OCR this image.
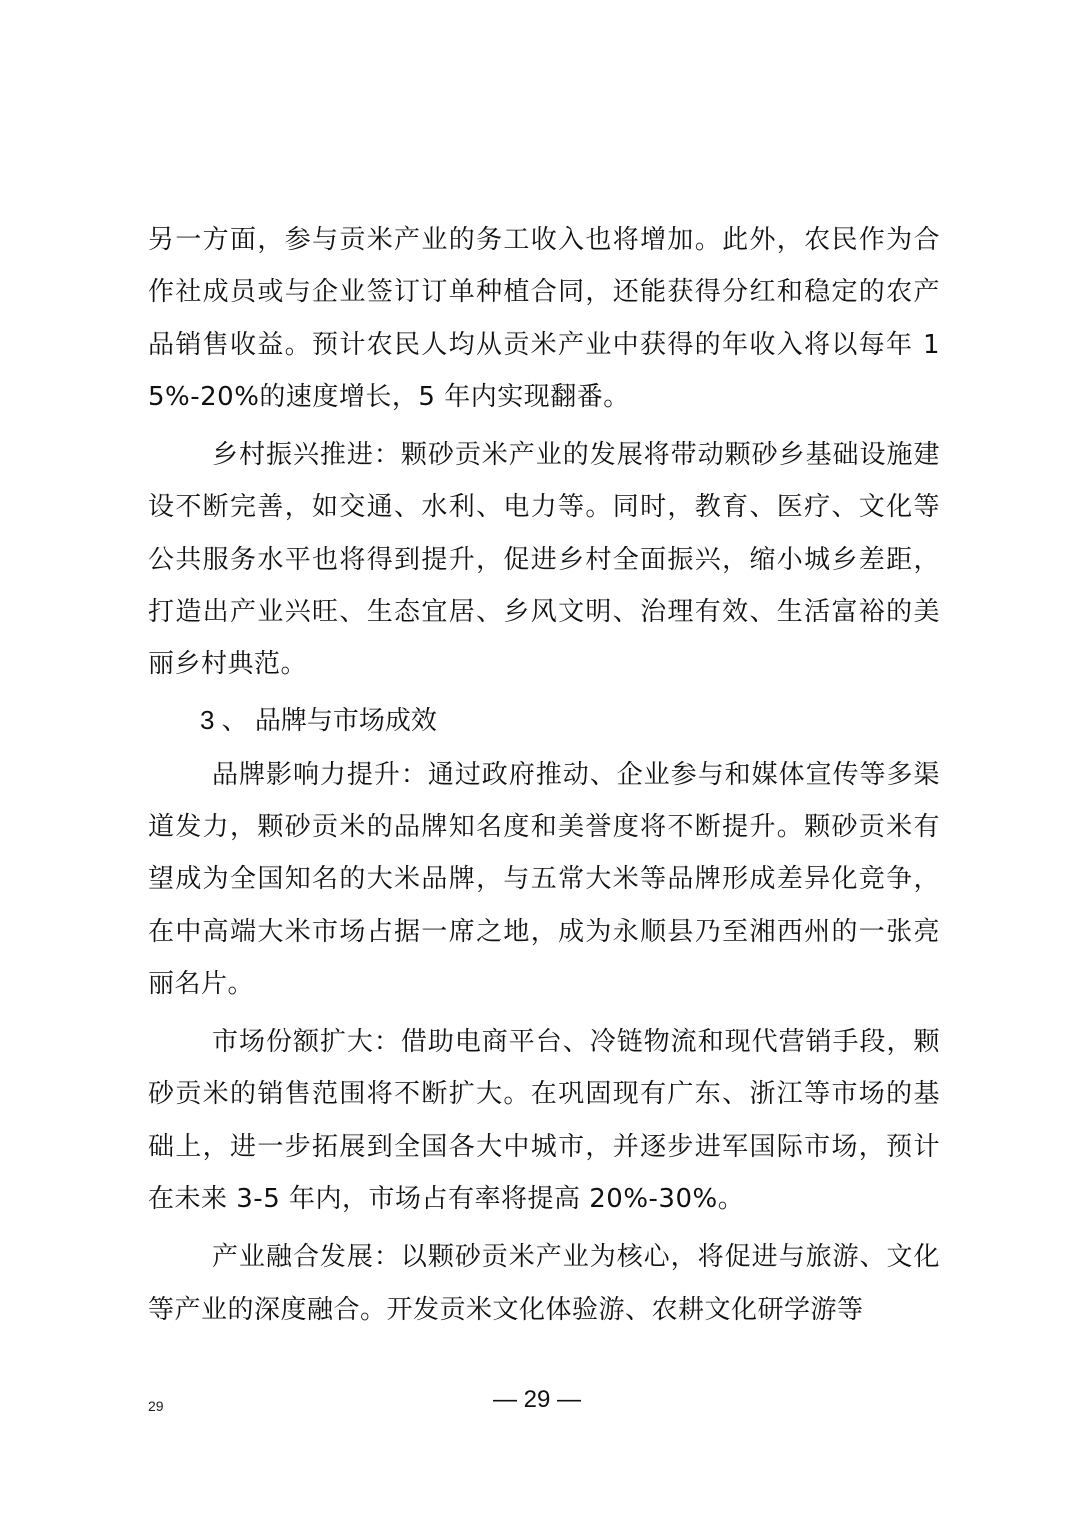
另一方面，参与贡米产业的务工收入也将增加。此外，农民作为合作社成员或与企业签订订单种植合同，还能获得分红和稳定的农产品销售收益。预计农民人均从贡米产业中获得的年收入将以每年 15%-20%的速度增长，5 年内实现翻番。

乡村振兴推进：颗砂贡米产业的发展将带动颗砂乡基础设施建设不断完善，如交通、水利、电力等。同时，教育、医疗、文化等公共服务水平也将得到提升，促进乡村全面振兴，缩小城乡差距，打造出产业兴旺、生态宜居、乡风文明、治理有效、生活富裕的美丽乡村典范。

3 、 品牌与市场成效

品牌影响力提升：通过政府推动、企业参与和媒体宣传等多渠道发力，颗砂贡米的品牌知名度和美誉度将不断提升。颗砂贡米有望成为全国知名的大米品牌，与五常大米等品牌形成差异化竞争，在中高端大米市场占据一席之地，成为永顺县乃至湘西州的一张亮丽名片。

市场份额扩大：借助电商平台、冷链物流和现代营销手段，颗砂贡米的销售范围将不断扩大。在巩固现有广东、浙江等市场的基础上，进一步拓展到全国各大中城市，并逐步进军国际市场，预计在未来 3-5 年内，市场占有率将提高 20%-30%。

产业融合发展：以颗砂贡米产业为核心，将促进与旅游、文化等产业的深度融合。开发贡米文化体验游、农耕文化研学游等

29	— 29 —
